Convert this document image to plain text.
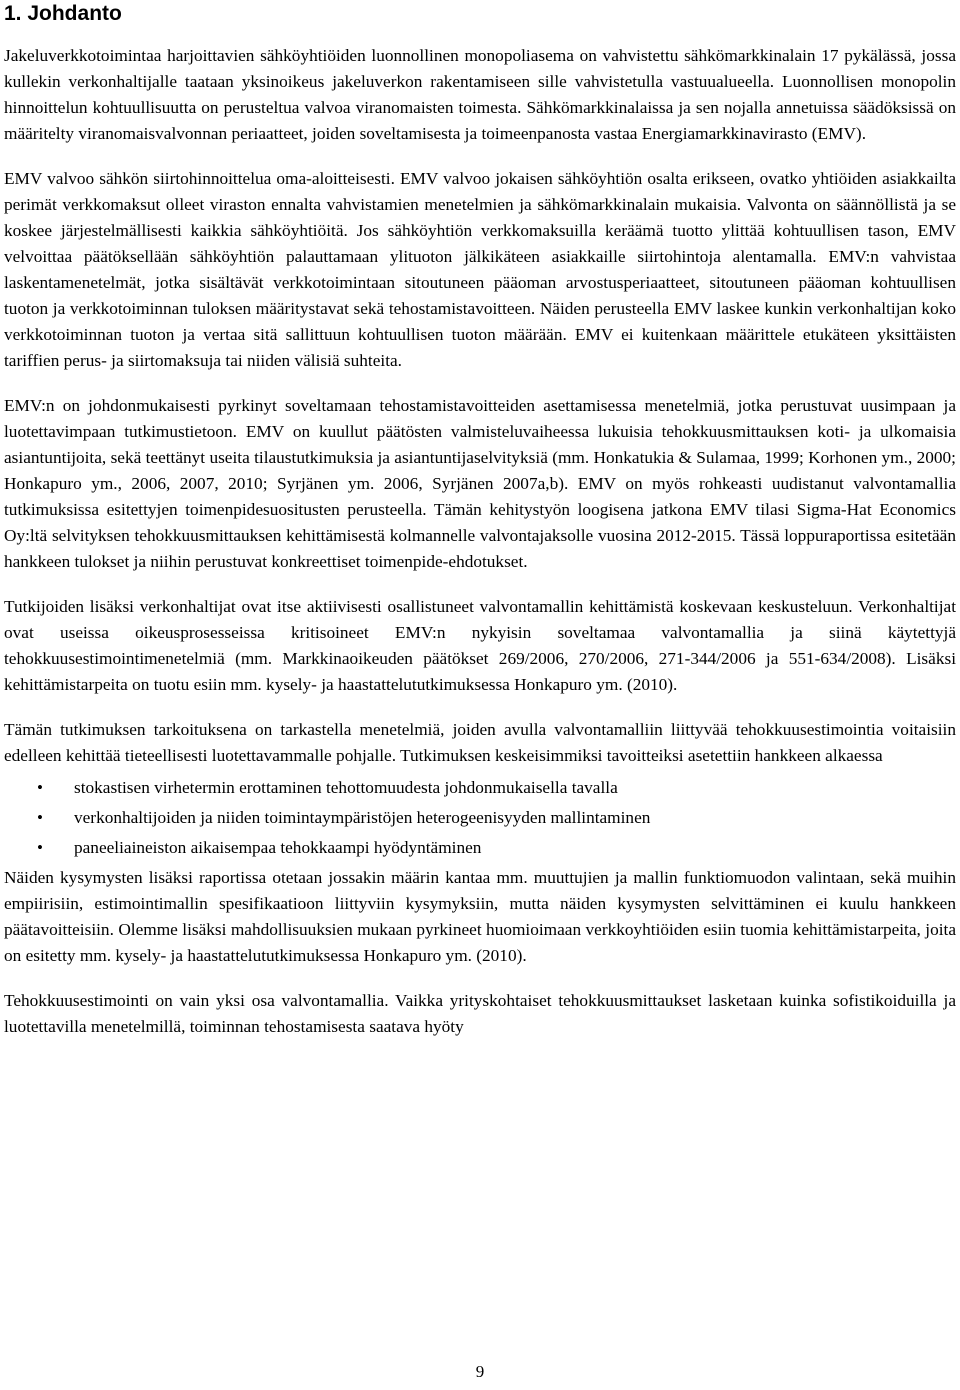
1. Johdanto

Jakeluverkkotoimintaa harjoittavien sähköyhtiöiden luonnollinen monopoliasema on vahvistettu sähkömarkkinalain 17 pykälässä, jossa kullekin verkonhaltijalle taataan yksinoikeus jakeluverkon rakentamiseen sille vahvistetulla vastuualueella. Luonnollisen monopolin hinnoittelun kohtuullisuutta on perusteltua valvoa viranomaisten toimesta. Sähkömarkkinalaissa ja sen nojalla annetuissa säädöksissä on määritelty viranomaisvalvonnan periaatteet, joiden soveltamisesta ja toimeenpanosta vastaa Energiamarkkinavirasto (EMV).

EMV valvoo sähkön siirtohinnoittelua oma-aloitteisesti. EMV valvoo jokaisen sähköyhtiön osalta erikseen, ovatko yhtiöiden asiakkailta perimät verkkomaksut olleet viraston ennalta vahvistamien menetelmien ja sähkömarkkinalain mukaisia. Valvonta on säännöllistä ja se koskee järjestelmällisesti kaikkia sähköyhtiöitä. Jos sähköyhtiön verkkomaksuilla keräämä tuotto ylittää kohtuullisen tason, EMV velvoittaa päätöksellään sähköyhtiön palauttamaan ylituoton jälkikäteen asiakkaille siirtohintoja alentamalla. EMV:n vahvistaa laskentamenetelmät, jotka sisältävät verkkotoimintaan sitoutuneen pääoman arvostusperiaatteet, sitoutuneen pääoman kohtuullisen tuoton ja verkkotoiminnan tuloksen määritystavat sekä tehostamistavoitteen. Näiden perusteella EMV laskee kunkin verkonhaltijan koko verkkotoiminnan tuoton ja vertaa sitä sallittuun kohtuullisen tuoton määrään. EMV ei kuitenkaan määrittele etukäteen yksittäisten tariffien perus- ja siirtomaksuja tai niiden välisiä suhteita.

EMV:n on johdonmukaisesti pyrkinyt soveltamaan tehostamistavoitteiden asettamisessa menetelmiä, jotka perustuvat uusimpaan ja luotettavimpaan tutkimustietoon. EMV on kuullut päätösten valmisteluvaiheessa lukuisia tehokkuusmittauksen koti- ja ulkomaisia asiantuntijoita, sekä teettänyt useita tilaustutkimuksia ja asiantuntijaselvityksiä (mm. Honkatukia & Sulamaa, 1999; Korhonen ym., 2000; Honkapuro ym., 2006, 2007, 2010; Syrjänen ym. 2006, Syrjänen 2007a,b). EMV on myös rohkeasti uudistanut valvontamallia tutkimuksissa esitettyjen toimenpidesuositusten perusteella. Tämän kehitystyön loogisena jatkona EMV tilasi Sigma-Hat Economics Oy:ltä selvityksen tehokkuusmittauksen kehittämisestä kolmannelle valvontajaksolle vuosina 2012-2015. Tässä loppuraportissa esitetään hankkeen tulokset ja niihin perustuvat konkreettiset toimenpide-ehdotukset.

Tutkijoiden lisäksi verkonhaltijat ovat itse aktiivisesti osallistuneet valvontamallin kehittämistä koskevaan keskusteluun. Verkonhaltijat ovat useissa oikeusprosesseissa kritisoineet EMV:n nykyisin soveltamaa valvontamallia ja siinä käytettyjä tehokkuusestimointimenetelmiä (mm. Markkinaoikeuden päätökset 269/2006, 270/2006, 271-344/2006 ja 551-634/2008). Lisäksi kehittämistarpeita on tuotu esiin mm. kysely- ja haastattelututkimuksessa Honkapuro ym. (2010).

Tämän tutkimuksen tarkoituksena on tarkastella menetelmiä, joiden avulla valvontamalliin liittyvää tehokkuusestimointia voitaisiin edelleen kehittää tieteellisesti luotettavammalle pohjalle. Tutkimuksen keskeisimmiksi tavoitteiksi asetettiin hankkeen alkaessa

• stokastisen virhetermin erottaminen tehottomuudesta johdonmukaisella tavalla
• verkonhaltijoiden ja niiden toimintaympäristöjen heterogeenisyyden mallintaminen
• paneeliaineiston aikaisempaa tehokkaampi hyödyntäminen

Näiden kysymysten lisäksi raportissa otetaan jossakin määrin kantaa mm. muuttujien ja mallin funktiomuodon valintaan, sekä muihin empiirisiin, estimointimallin spesifikaatioon liittyviin kysymyksiin, mutta näiden kysymysten selvittäminen ei kuulu hankkeen päätavoitteisiin. Olemme lisäksi mahdollisuuksien mukaan pyrkineet huomioimaan verkkoyhtiöiden esiin tuomia kehittämistarpeita, joita on esitetty mm. kysely- ja haastattelututkimuksessa Honkapuro ym. (2010).

Tehokkuusestimointi on vain yksi osa valvontamallia. Vaikka yrityskohtaiset tehokkuusmittaukset lasketaan kuinka sofistikoiduilla ja luotettavilla menetelmillä, toiminnan tehostamisesta saatava hyöty

9
